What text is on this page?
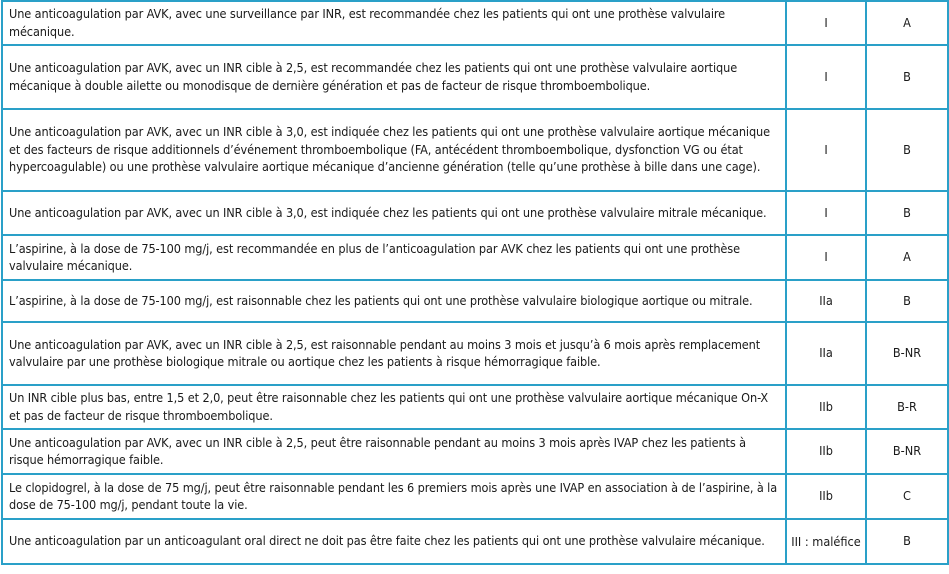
Une anticoagulation par AVK, avec une surveillance par INR, est recommandée chez les patients qui ont une prothèse valvulaire mécanique.	I	A
Une anticoagulation par AVK, avec un INR cible à 2,5, est recommandée chez les patients qui ont une prothèse valvulaire aortique mécanique à double ailette ou monodisque de dernière génération et pas de facteur de risque thromboembolique.	I	B
Une anticoagulation par AVK, avec un INR cible à 3,0, est indiquée chez les patients qui ont une prothèse valvulaire aortique mécanique et des facteurs de risque additionnels d’événement thromboembolique (FA, antécédent thromboembolique, dysfonction VG ou état hypercoagulable) ou une prothèse valvulaire aortique mécanique d’ancienne génération (telle qu’une prothèse à bille dans une cage).	I	B
Une anticoagulation par AVK, avec un INR cible à 3,0, est indiquée chez les patients qui ont une prothèse valvulaire mitrale mécanique.	I	B
L’aspirine, à la dose de 75-100 mg/j, est recommandée en plus de l’anticoagulation par AVK chez les patients qui ont une prothèse valvulaire mécanique.	I	A
L’aspirine, à la dose de 75-100 mg/j, est raisonnable chez les patients qui ont une prothèse valvulaire biologique aortique ou mitrale.	IIa	B
Une anticoagulation par AVK, avec un INR cible à 2,5, est raisonnable pendant au moins 3 mois et jusqu’à 6 mois après remplacement valvulaire par une prothèse biologique mitrale ou aortique chez les patients à risque hémorragique faible.	IIa	B-NR
Un INR cible plus bas, entre 1,5 et 2,0, peut être raisonnable chez les patients qui ont une prothèse valvulaire aortique mécanique On-X et pas de facteur de risque thromboembolique.	IIb	B-R
Une anticoagulation par AVK, avec un INR cible à 2,5, peut être raisonnable pendant au moins 3 mois après IVAP chez les patients à risque hémorragique faible.	IIb	B-NR
Le clopidogrel, à la dose de 75 mg/j, peut être raisonnable pendant les 6 premiers mois après une IVAP en association à de l’aspirine, à la dose de 75-100 mg/j, pendant toute la vie.	IIb	C
Une anticoagulation par un anticoagulant oral direct ne doit pas être faite chez les patients qui ont une prothèse valvulaire mécanique.	III : maléfice	B
